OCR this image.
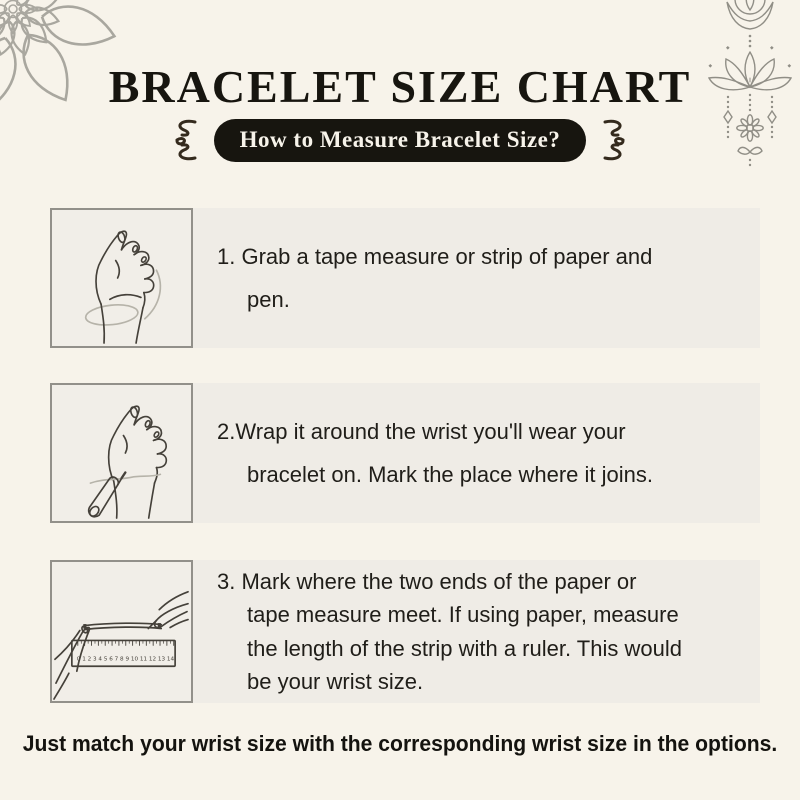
BRACELET SIZE CHART
How to Measure Bracelet Size?
1. Grab a tape measure or strip of paper and
pen.
2.Wrap it around the wrist you'll wear your
bracelet on. Mark the place where it joins.
0 1 2 3 4 5 6 7 8 9 10 11 12 13 14
3. Mark where the two ends of the paper or
tape measure meet. If using paper, measure
the length of the strip with a ruler. This would
be your wrist size.

Just match your wrist size with the corresponding wrist size in the options.
